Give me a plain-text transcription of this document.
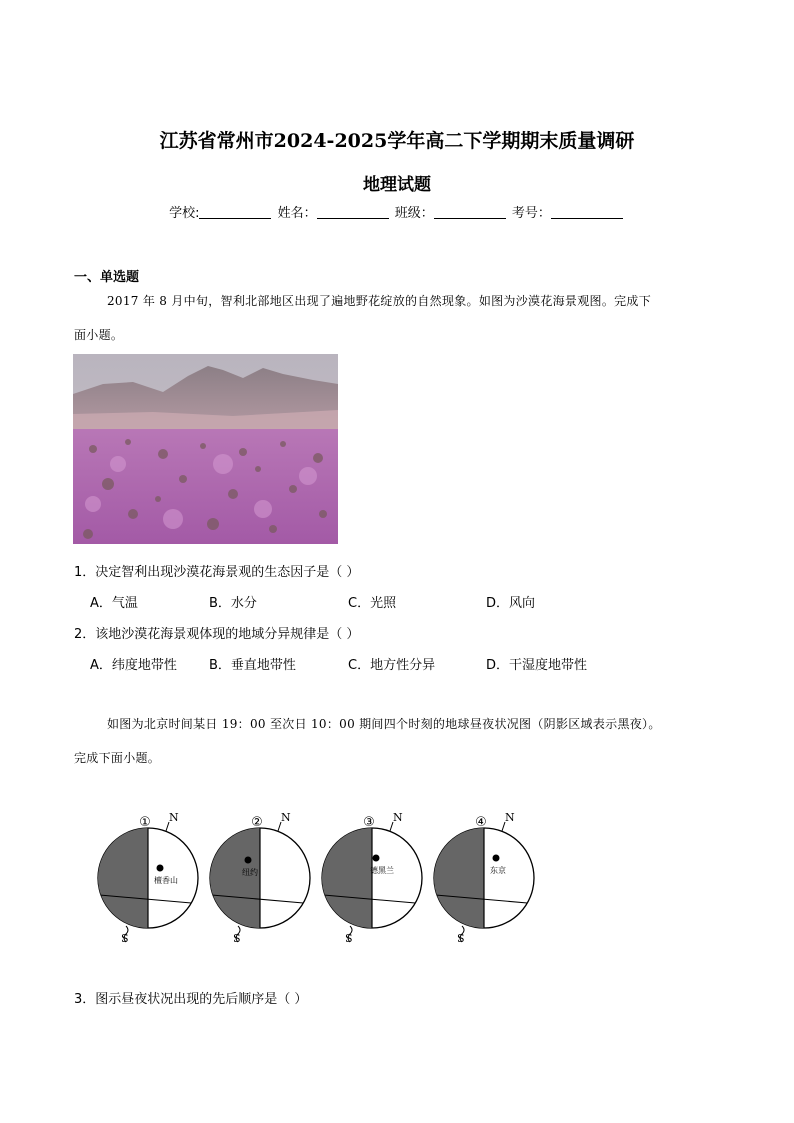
江苏省常州市2024-2025学年高二下学期期末质量调研
地理试题
学校:	姓名：	班级：	考号：
一、单选题
2017 年 8 月中旬，智利北部地区出现了遍地野花绽放的自然现象。如图为沙漠花海景观图。完成下
面小题。
1．决定智利出现沙漠花海景观的生态因子是（ ）
A．气温	B．水分	C．光照	D．风向
2．该地沙漠花海景观体现的地域分异规律是（ ）
A．纬度地带性 B．垂直地带性	C．地方性分异	D．干湿度地带性
如图为北京时间某日 19：00 至次日 10：00 期间四个时刻的地球昼夜状况图（阴影区域表示黑夜）。
完成下面小题。
N
①
S
檀香山
N
②
S
纽约
N
③
S
德黑兰
N
④
S
东京
3．图示昼夜状况出现的先后顺序是（ ）
